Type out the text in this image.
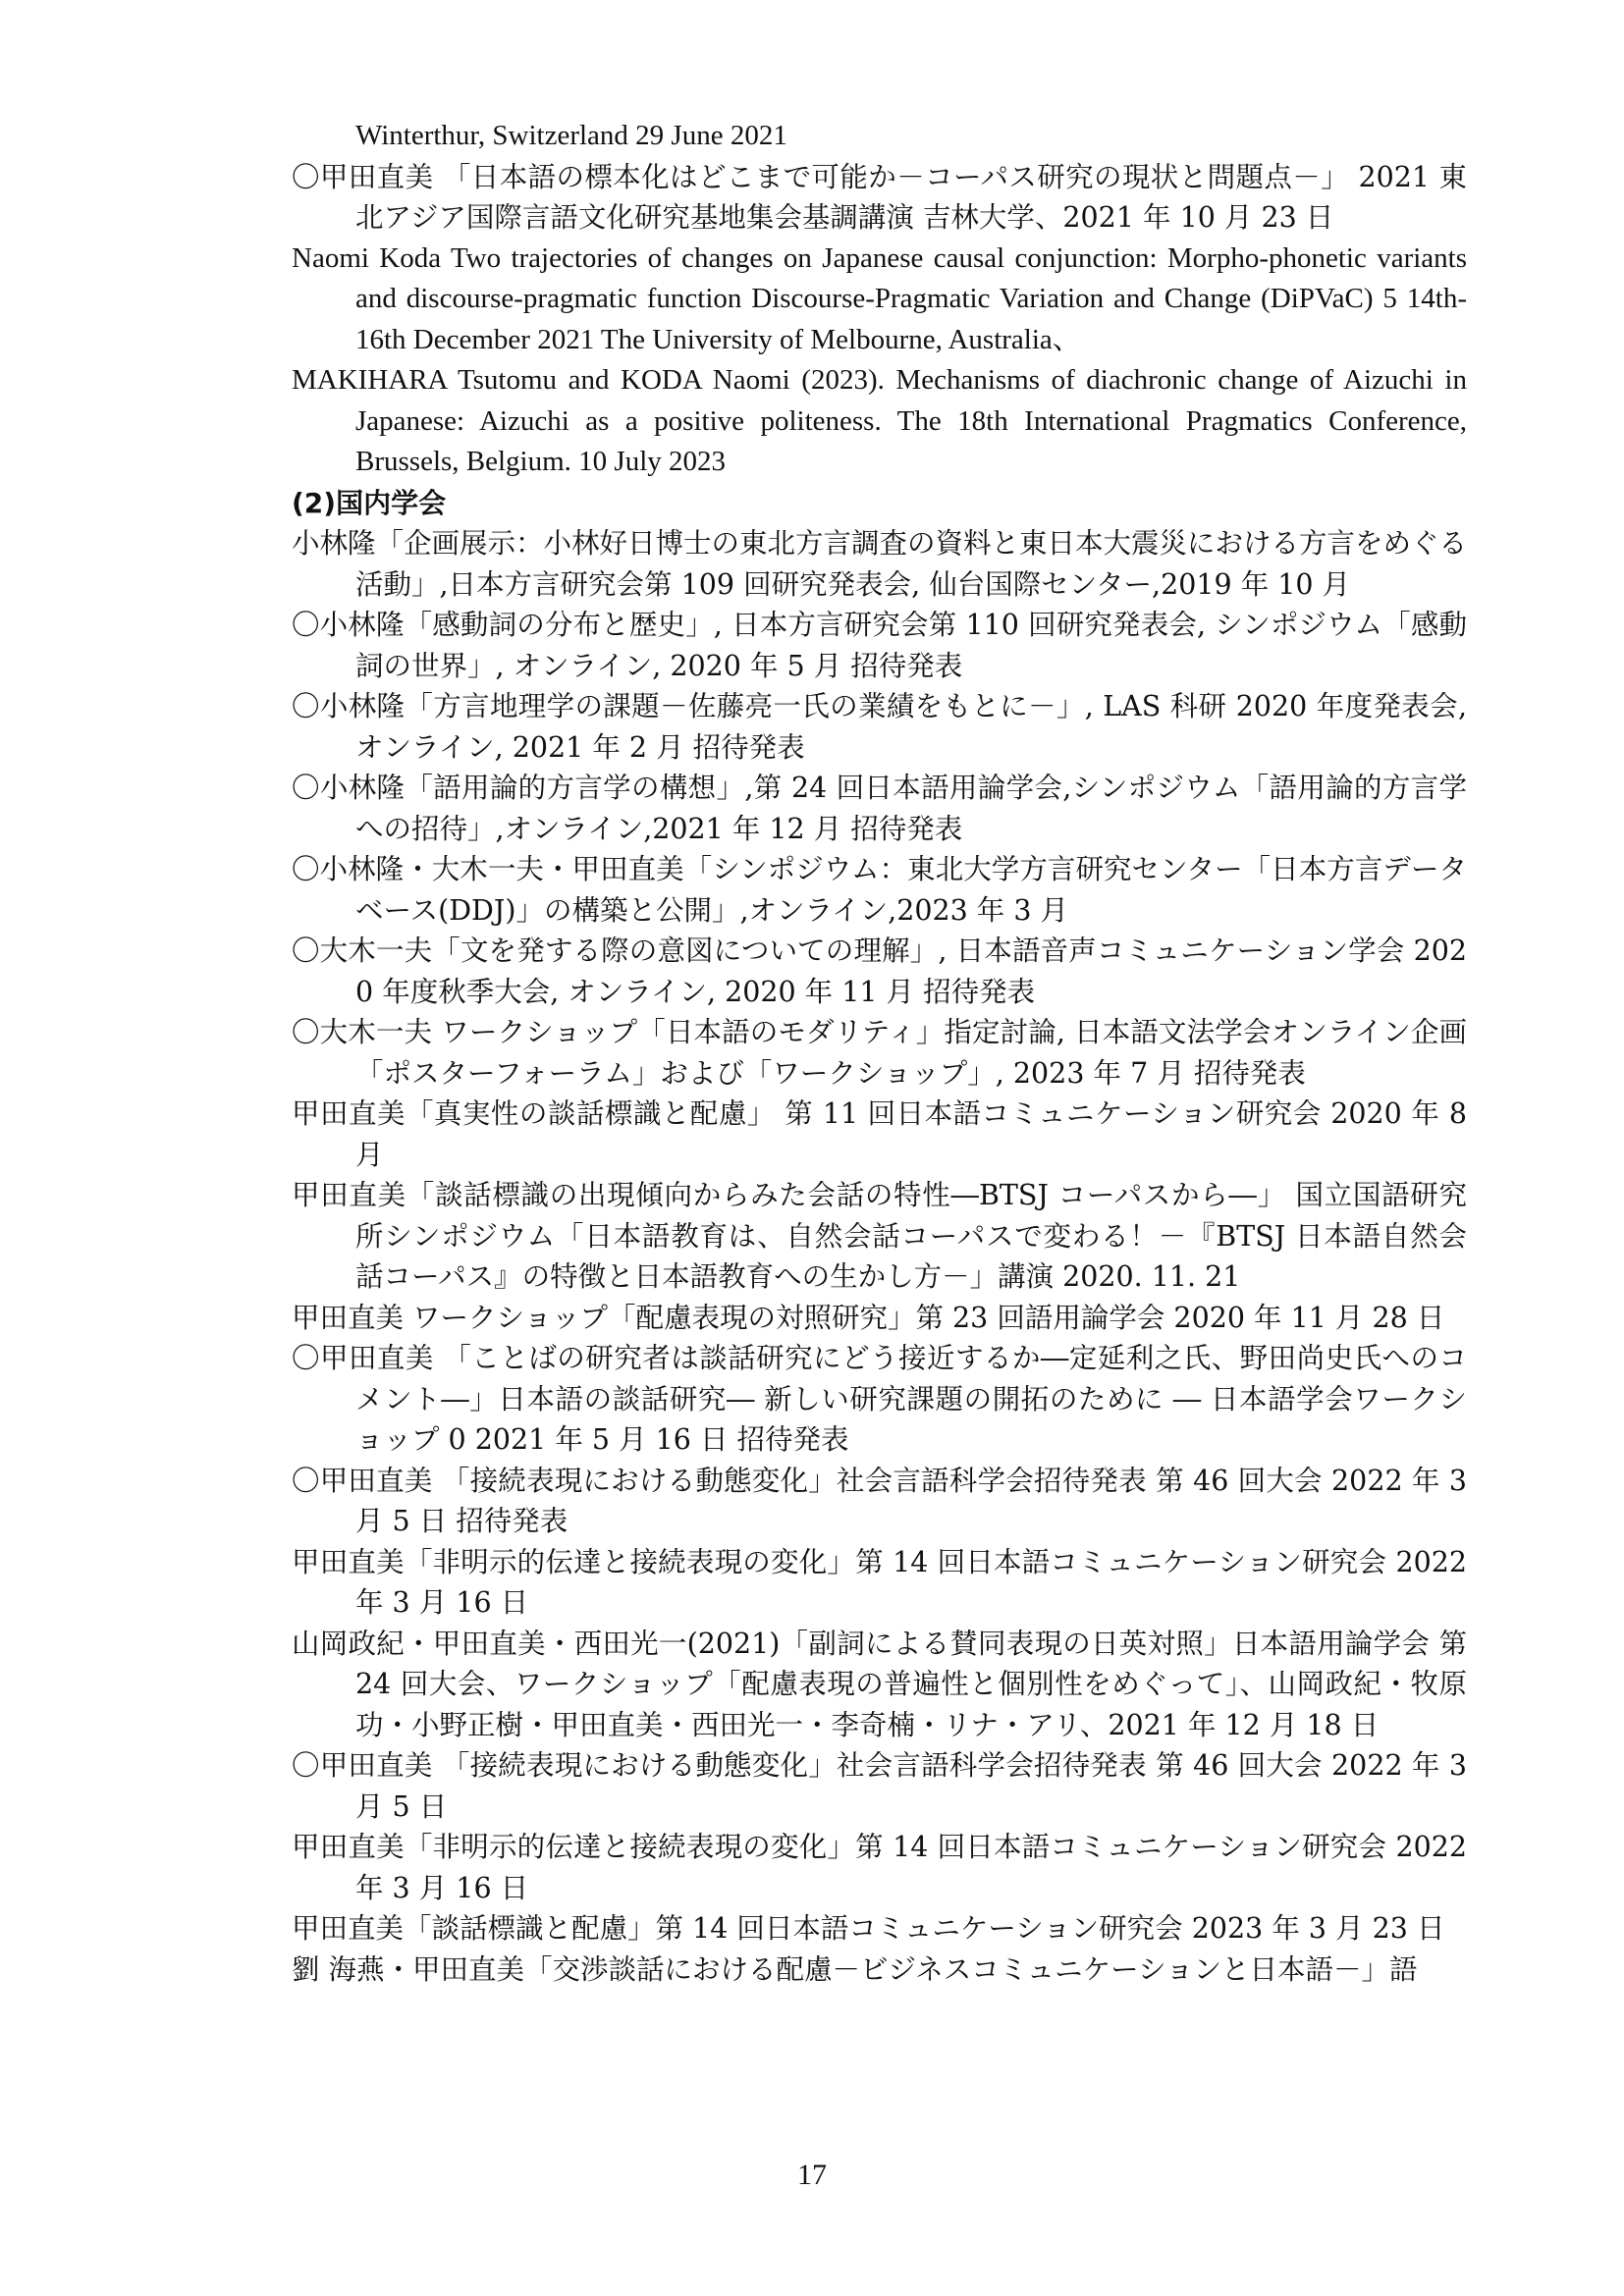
Winterthur, Switzerland 29 June 2021
〇甲田直美 「日本語の標本化はどこまで可能か－コーパス研究の現状と問題点－」 2021 東北アジア国際言語文化研究基地集会基調講演 吉林大学、2021 年 10 月 23 日
Naomi Koda Two trajectories of changes on Japanese causal conjunction: Morpho-phonetic variants and discourse-pragmatic function Discourse-Pragmatic Variation and Change (DiPVaC) 5 14th-16th December 2021 The University of Melbourne, Australia、
MAKIHARA Tsutomu and KODA Naomi (2023). Mechanisms of diachronic change of Aizuchi in Japanese: Aizuchi as a positive politeness. The 18th International Pragmatics Conference, Brussels, Belgium. 10 July 2023
(2)国内学会
小林隆「企画展示：小林好日博士の東北方言調査の資料と東日本大震災における方言をめぐる活動」,日本方言研究会第 109 回研究発表会, 仙台国際センター,2019 年 10 月
〇小林隆「感動詞の分布と歴史」, 日本方言研究会第 110 回研究発表会, シンポジウム「感動詞の世界」, オンライン, 2020 年 5 月 招待発表
〇小林隆「方言地理学の課題－佐藤亮一氏の業績をもとに－」, LAS 科研 2020 年度発表会, オンライン, 2021 年 2 月 招待発表
〇小林隆「語用論的方言学の構想」,第 24 回日本語用論学会,シンポジウム「語用論的方言学への招待」,オンライン,2021 年 12 月 招待発表
〇小林隆・大木一夫・甲田直美「シンポジウム：東北大学方言研究センター「日本方言データベース(DDJ)」の構築と公開」,オンライン,2023 年 3 月
〇大木一夫「文を発する際の意図についての理解」, 日本語音声コミュニケーション学会 2020 年度秋季大会, オンライン, 2020 年 11 月 招待発表
〇大木一夫 ワークショップ「日本語のモダリティ」指定討論, 日本語文法学会オンライン企画「ポスターフォーラム」および「ワークショップ」, 2023 年 7 月 招待発表
甲田直美「真実性の談話標識と配慮」 第 11 回日本語コミュニケーション研究会 2020 年 8 月
甲田直美「談話標識の出現傾向からみた会話の特性―BTSJ コーパスから―」 国立国語研究所シンポジウム「日本語教育は、自然会話コーパスで変わる！－『BTSJ 日本語自然会話コーパス』の特徴と日本語教育への生かし方－」講演 2020. 11. 21
甲田直美 ワークショップ「配慮表現の対照研究」第 23 回語用論学会 2020 年 11 月 28 日
〇甲田直美 「ことばの研究者は談話研究にどう接近するか―定延利之氏、野田尚史氏へのコメント―」日本語の談話研究― 新しい研究課題の開拓のために ― 日本語学会ワークショップ 0 2021 年 5 月 16 日 招待発表
〇甲田直美 「接続表現における動態変化」社会言語科学会招待発表 第 46 回大会 2022 年 3 月 5 日 招待発表
甲田直美「非明示的伝達と接続表現の変化」第 14 回日本語コミュニケーション研究会 2022 年 3 月 16 日
山岡政紀・甲田直美・西田光一(2021)「副詞による賛同表現の日英対照」日本語用論学会 第 24 回大会、ワークショップ「配慮表現の普遍性と個別性をめぐって」、山岡政紀・牧原功・小野正樹・甲田直美・西田光一・李奇楠・リナ・アリ、2021 年 12 月 18 日
〇甲田直美 「接続表現における動態変化」社会言語科学会招待発表 第 46 回大会 2022 年 3 月 5 日
甲田直美「非明示的伝達と接続表現の変化」第 14 回日本語コミュニケーション研究会 2022 年 3 月 16 日
甲田直美「談話標識と配慮」第 14 回日本語コミュニケーション研究会 2023 年 3 月 23 日
劉 海燕・甲田直美「交渉談話における配慮－ビジネスコミュニケーションと日本語－」語
17
